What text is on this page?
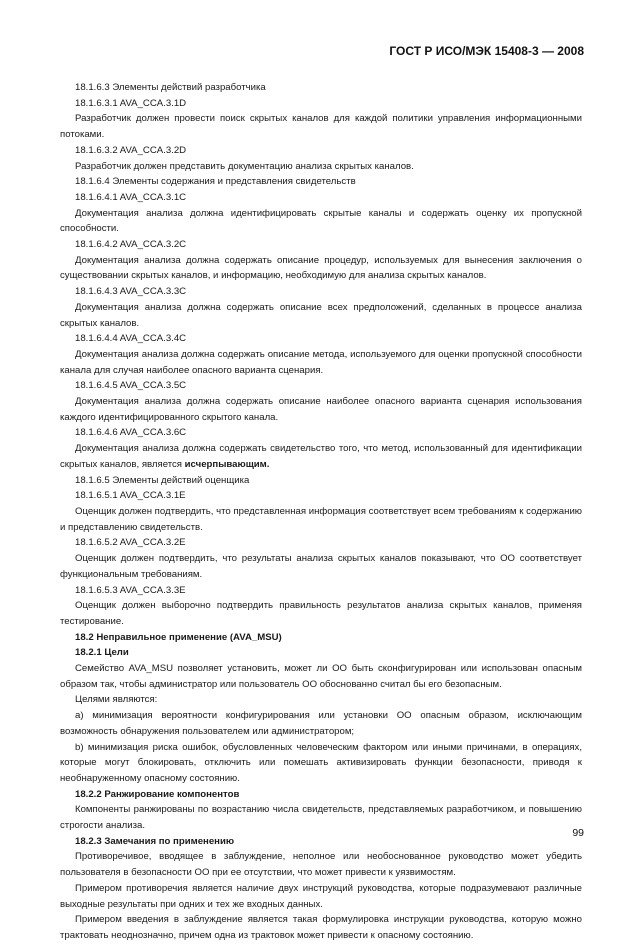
ГОСТ Р ИСО/МЭК 15408-3 — 2008

18.1.6.3 Элементы действий разработчика

18.1.6.3.1 AVA_CCA.3.1D

Разработчик должен провести поиск скрытых каналов для каждой политики управления информационными потоками.

18.1.6.3.2 AVA_CCA.3.2D

Разработчик должен представить документацию анализа скрытых каналов.

18.1.6.4 Элементы содержания и представления свидетельств

18.1.6.4.1 AVA_CCA.3.1C

Документация анализа должна идентифицировать скрытые каналы и содержать оценку их пропускной способности.

18.1.6.4.2 AVA_CCA.3.2C

Документация анализа должна содержать описание процедур, используемых для вынесения заключения о существовании скрытых каналов, и информацию, необходимую для анализа скрытых каналов.

18.1.6.4.3 AVA_CCA.3.3C

Документация анализа должна содержать описание всех предположений, сделанных в процессе анализа скрытых каналов.

18.1.6.4.4 AVA_CCA.3.4C

Документация анализа должна содержать описание метода, используемого для оценки пропускной способности канала для случая наиболее опасного варианта сценария.

18.1.6.4.5 AVA_CCA.3.5C

Документация анализа должна содержать описание наиболее опасного варианта сценария использования каждого идентифицированного скрытого канала.

18.1.6.4.6 AVA_CCA.3.6C

Документация анализа должна содержать свидетельство того, что метод, использованный для идентификации скрытых каналов, является исчерпывающим.

18.1.6.5 Элементы действий оценщика

18.1.6.5.1 AVA_CCA.3.1E

Оценщик должен подтвердить, что представленная информация соответствует всем требованиям к содержанию и представлению свидетельств.

18.1.6.5.2 AVA_CCA.3.2E

Оценщик должен подтвердить, что результаты анализа скрытых каналов показывают, что ОО соответствует функциональным требованиям.

18.1.6.5.3 AVA_CCA.3.3E

Оценщик должен выборочно подтвердить правильность результатов анализа скрытых каналов, применяя тестирование.

18.2 Неправильное применение (AVA_MSU)

18.2.1 Цели

Семейство AVA_MSU позволяет установить, может ли ОО быть сконфигурирован или использован опасным образом так, чтобы администратор или пользователь ОО обоснованно считал бы его безопасным.

Целями являются:

a) минимизация вероятности конфигурирования или установки ОО опасным образом, исключающим возможность обнаружения пользователем или администратором;

b) минимизация риска ошибок, обусловленных человеческим фактором или иными причинами, в операциях, которые могут блокировать, отключить или помешать активизировать функции безопасности, приводя к необнаруженному опасному состоянию.

18.2.2 Ранжирование компонентов

Компоненты ранжированы по возрастанию числа свидетельств, представляемых разработчиком, и повышению строгости анализа.

18.2.3 Замечания по применению

Противоречивое, вводящее в заблуждение, неполное или необоснованное руководство может убедить пользователя в безопасности ОО при ее отсутствии, что может привести к уязвимостям.

Примером противоречия является наличие двух инструкций руководства, которые подразумевают различные выходные результаты при одних и тех же входных данных.

Примером введения в заблуждение является такая формулировка инструкции руководства, которую можно трактовать неоднозначно, причем одна из трактовок может привести к опасному состоянию.

99
